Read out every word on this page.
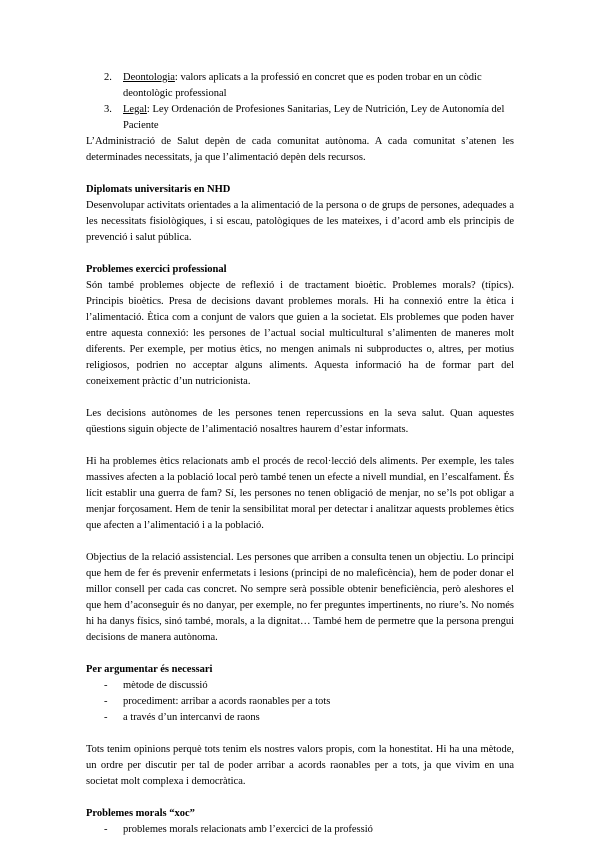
2. Deontologia: valors aplicats a la professió en concret que es poden trobar en un còdic deontològic professional

3. Legal: Ley Ordenación de Profesiones Sanitarias, Ley de Nutrición, Ley de Autonomía del Paciente

L’Administració de Salut depèn de cada comunitat autònoma. A cada comunitat s’atenen les determinades necessitats, ja que l’alimentació depèn dels recursos.

Diplomats universitaris en NHD

Desenvolupar activitats orientades a la alimentació de la persona o de grups de persones, adequades a les necessitats fisiològiques, i si escau, patològiques de les mateixes, i d’acord amb els principis de prevenció i salut pública.

Problemes exercici professional

Són també problemes objecte de reflexió i de tractament bioètic. Problemes morals? (típics). Principis bioètics. Presa de decisions davant problemes morals. Hi ha connexió entre la ètica i l’alimentació. Ètica com a conjunt de valors que guien a la societat. Els problemes que poden haver entre aquesta connexió: les persones de l’actual social multicultural s’alimenten de maneres molt diferents. Per exemple, per motius ètics, no mengen animals ni subproductes o, altres, per motius religiosos, podrien no acceptar alguns aliments. Aquesta informació ha de formar part del coneixement pràctic d’un nutricionista.

Les decisions autònomes de les persones tenen repercussions en la seva salut. Quan aquestes qüestions siguin objecte de l’alimentació nosaltres haurem d’estar informats.

Hi ha problemes ètics relacionats amb el procés de recol·lecció dels aliments. Per exemple, les tales massives afecten a la població local però també tenen un efecte a nivell mundial, en l’escalfament. És lícit establir una guerra de fam? Sí, les persones no tenen obligació de menjar, no se’ls pot obligar a menjar forçosament. Hem de tenir la sensibilitat moral per detectar i analitzar aquests problemes ètics que afecten a l’alimentació i a la població.

Objectius de la relació assistencial. Les persones que arriben a consulta tenen un objectiu. Lo principi que hem de fer és prevenir enfermetats i lesions (principi de no maleficència), hem de poder donar el millor consell per cada cas concret. No sempre serà possible obtenir beneficiència, però aleshores el que hem d’aconseguir és no danyar, per exemple, no fer preguntes impertinents, no riure’s. No només hi ha danys físics, sinó també, morals, a la dignitat… També hem de permetre que la persona prengui decisions de manera autònoma.

Per argumentar és necessari

- mètode de discussió
- procediment: arribar a acords raonables per a tots
- a través d’un intercanvi de raons

Tots tenim opinions perquè tots tenim els nostres valors propis, com la honestitat. Hi ha una mètode, un ordre per discutir per tal de poder arribar a acords raonables per a tots, ja que vivim en una societat molt complexa i democràtica.

Problemes morals “xoc”

- problemes morals relacionats amb l’exercici de la professió
